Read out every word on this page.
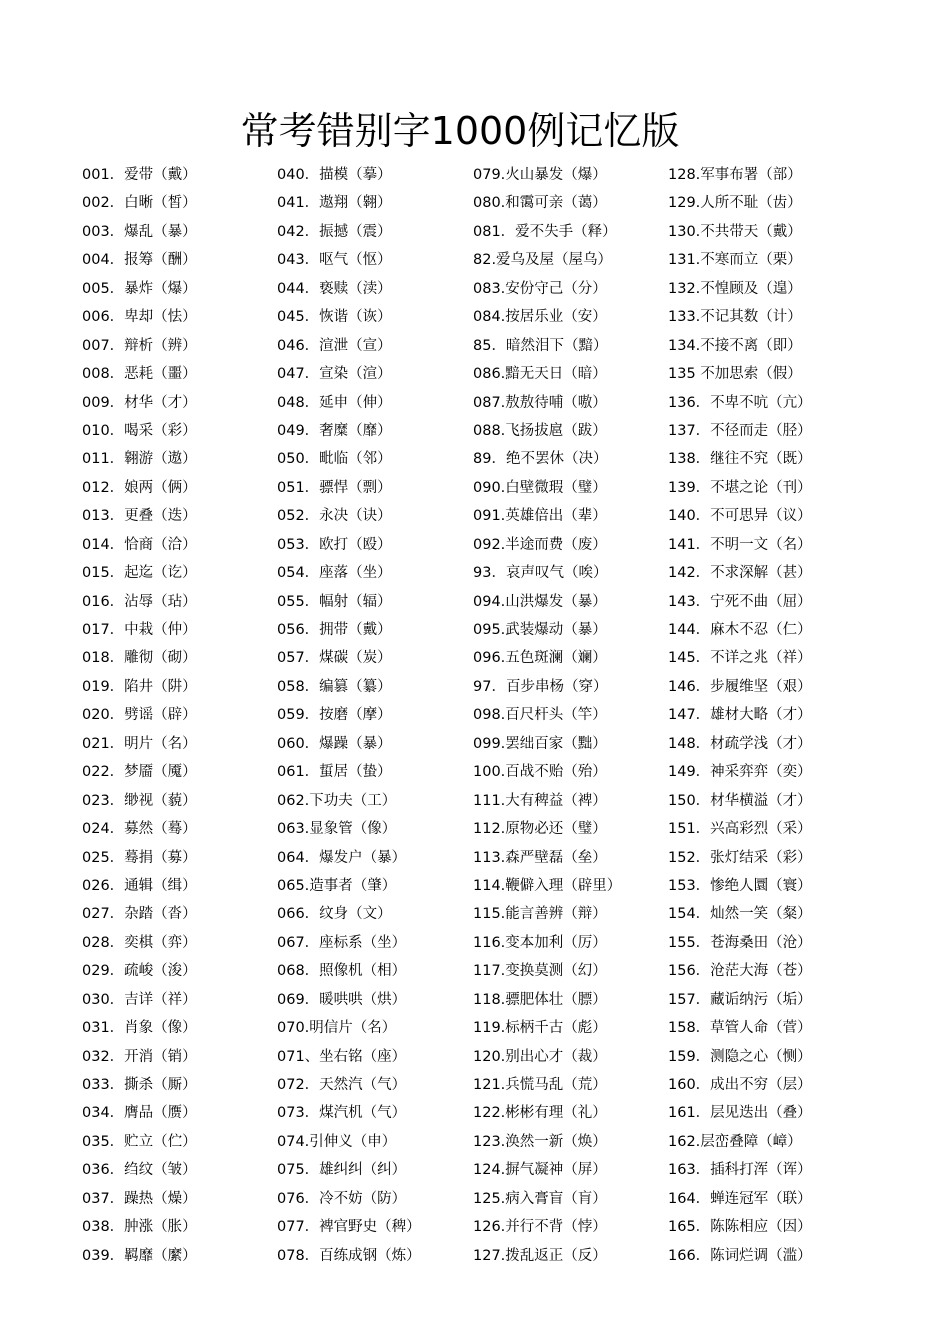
常考错别字1000例记忆版
001．爱带（戴）
002．白晰（皙）
003．爆乱（暴）
004．报筹（酬）
005．暴炸（爆）
006．卑却（怯）
007．辩析（辨）
008．恶耗（噩）
009．材华（才）
010．喝采（彩）
011．翱游（遨）
012．娘两（俩）
013．更叠（迭）
014．恰商（洽）
015．起迄（讫）
016．沾辱（玷）
017．中栽（仲）
018．雕彻（砌）
019．陷井（阱）
020．劈谣（辟）
021．明片（名）
022．梦靥（魇）
023．缈视（藐）
024．募然（蓦）
025．蓦捐（募）
026．通辑（缉）
027．杂踏（沓）
028．奕棋（弈）
029．疏峻（浚）
030．吉详（祥）
031．肖象（像）
032．开消（销）
033．撕杀（厮）
034．膺品（赝）
035．贮立（伫）
036．绉纹（皱）
037．躁热（燥）
038．肿涨（胀）
039．羁靡（縻）
040．描模（摹）
041．遨翔（翱）
042．振撼（震）
043．呕气（怄）
044．亵赎（渎）
045．恢谐（诙）
046．渲泄（宣）
047．宣染（渲）
048．延申（伸）
049．奢糜（靡）
050．毗临（邻）
051．骠悍（剽）
052．永决（诀）
053．欧打（殴）
054．座落（坐）
055．幅射（辐）
056．拥带（戴）
057．煤碳（炭）
058．编篡（纂）
059．按磨（摩）
060．爆躁（暴）
061．蜇居（蛰）
062.下功夫（工）
063.显象管（像）
064．爆发户（暴）
065.造事者（肇）
066．纹身（文）
067．座标系（坐）
068．照像机（相）
069．暖哄哄（烘）
070.明信片（名）
071、坐右铭（座）
072．天然汽（气）
073．煤汽机（气）
074.引伸义（申）
075．雄纠纠（纠）
076．冷不妨（防）
077．裨官野史（稗）
078．百练成钢（炼）
079.火山暴发（爆）
080.和霭可亲（蔼）
081．爱不失手（释）
82.爱乌及屋（屋乌）
083.安份守己（分）
084.按居乐业（安）
85．暗然泪下（黯）
086.黯无天日（暗）
087.敖敖待哺（嗷）
088.飞扬拔扈（跋）
89．绝不罢休（决）
090.白壁微瑕（璧）
091.英雄倍出（辈）
092.半途而费（废）
93．哀声叹气（唉）
094.山洪爆发（暴）
095.武装爆动（暴）
096.五色斑澜（斓）
97．百步串杨（穿）
098.百尺杆头（竿）
099.罢绌百家（黜）
100.百战不贻（殆）
111.大有稗益（裨）
112.原物必还（璧）
113.森严壁磊（垒）
114.鞭僻入理（辟里）
115.能言善辨（辩）
116.变本加利（厉）
117.变换莫测（幻）
118.骠肥体壮（膘）
119.标柄千古（彪）
120.别出心才（裁）
121.兵慌马乱（荒）
122.彬彬有理（礼）
123.涣然一新（焕）
124.摒气凝神（屏）
125.病入膏盲（肓）
126.并行不背（悖）
127.拨乱返正（反）
128.军事布署（部）
129.人所不耻（齿）
130.不共带天（戴）
131.不寒而立（栗）
132.不惶顾及（遑）
133.不记其数（计）
134.不接不离（即）
135 不加思索（假）
136．不卑不吭（亢）
137．不径而走（胫）
138．继往不究（既）
139．不堪之论（刊）
140．不可思异（议）
141．不明一文（名）
142．不求深解（甚）
143．宁死不曲（屈）
144．麻木不忍（仁）
145．不详之兆（祥）
146．步履维坚（艰）
147．雄材大略（才）
148．材疏学浅（才）
149．神采弈弈（奕）
150．材华横溢（才）
151．兴高彩烈（采）
152．张灯结采（彩）
153．惨绝人圜（寰）
154．灿然一笑（粲）
155．苍海桑田（沧）
156．沧茫大海（苍）
157．藏诟纳污（垢）
158．草管人命（菅）
159．测隐之心（恻）
160．成出不穷（层）
161．层见迭出（叠）
162.层峦叠障（嶂）
163．插科打浑（诨）
164．蝉连冠军（联）
165．陈陈相应（因）
166．陈词烂调（滥）
